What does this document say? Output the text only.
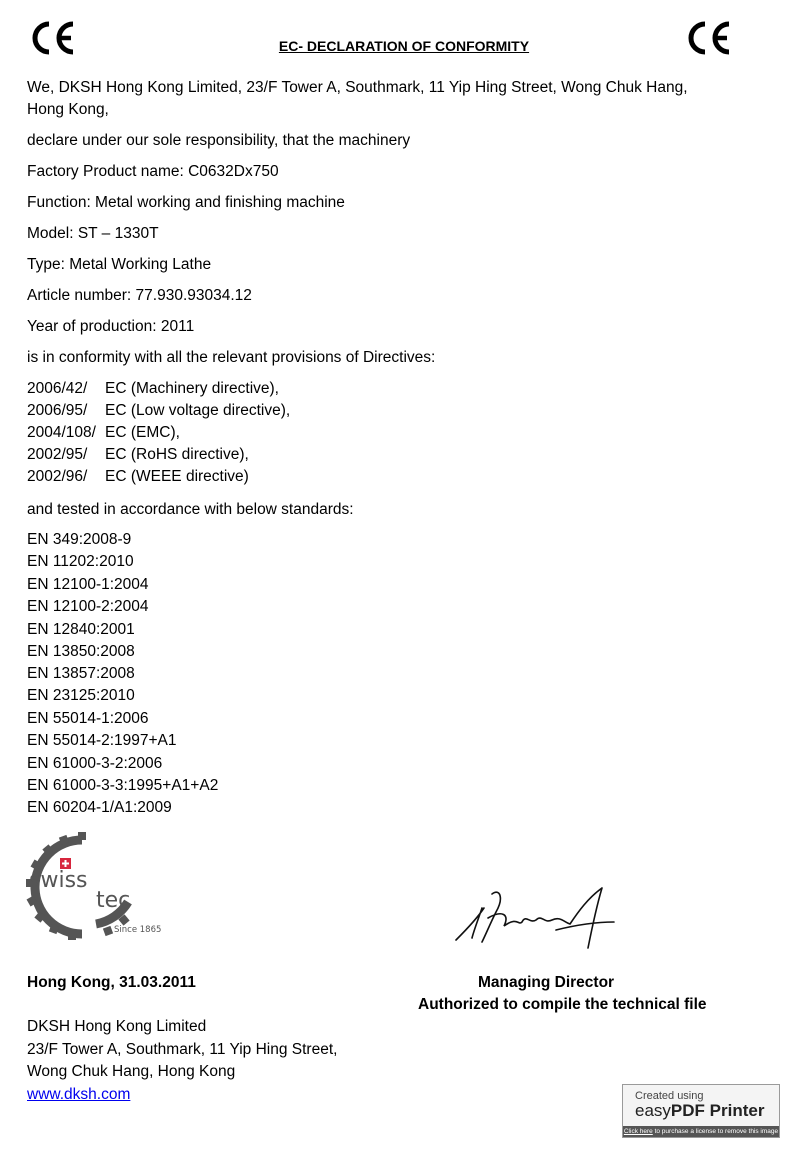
EC- DECLARATION OF CONFORMITY
We, DKSH Hong Kong Limited, 23/F Tower A, Southmark, 11 Yip Hing Street, Wong Chuk Hang,
Hong Kong,
declare under our sole responsibility, that the machinery
Factory Product name: C0632Dx750
Function: Metal working and finishing machine
Model: ST – 1330T
Type: Metal Working Lathe
Article number: 77.930.93034.12
Year of production: 2011
is in conformity with all the relevant provisions of Directives:
2006/42/ EC (Machinery directive),
2006/95/ EC (Low voltage directive),
2004/108/ EC (EMC),
2002/95/ EC (RoHS directive),
2002/96/ EC (WEEE directive)
and tested in accordance with below standards:
EN 349:2008-9
EN 11202:2010
EN 12100-1:2004
EN 12100-2:2004
EN 12840:2001
EN 13850:2008
EN 13857:2008
EN 23125:2010
EN 55014-1:2006
EN 55014-2:1997+A1
EN 61000-3-2:2006
EN 61000-3-3:1995+A1+A2
EN 60204-1/A1:2009
swiss
tec
Since 1865
Hong Kong, 31.03.2011	Managing Director
Authorized to compile the technical file
DKSH Hong Kong Limited
23/F Tower A, Southmark, 11 Yip Hing Street,
Wong Chuk Hang, Hong Kong
www.dksh.com	Created using
easyPDF Printer
Click here to purchase a license to remove this image
